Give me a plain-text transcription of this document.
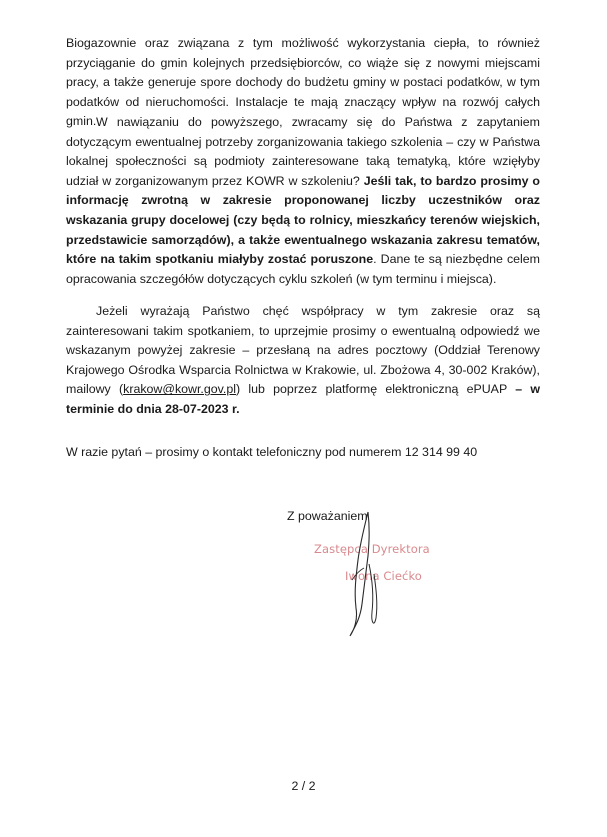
Biogazownie oraz związana z tym możliwość wykorzystania ciepła, to również przyciąganie do gmin kolejnych przedsiębiorców, co wiąże się z nowymi miejscami pracy, a także generuje spore dochody do budżetu gminy w postaci podatków, w tym podatków od nieruchomości. Instalacje te mają znaczący wpływ na rozwój całych gmin. W nawiązaniu do powyższego, zwracamy się do Państwa z zapytaniem dotyczącym ewentualnej potrzeby zorganizowania takiego szkolenia – czy w Państwa lokalnej społeczności są podmioty zainteresowane taką tematyką, które wzięłyby udział w zorganizowanym przez KOWR w szkoleniu? Jeśli tak, to bardzo prosimy o informację zwrotną w zakresie proponowanej liczby uczestników oraz wskazania grupy docelowej (czy będą to rolnicy, mieszkańcy terenów wiejskich, przedstawicie samorządów), a także ewentualnego wskazania zakresu tematów, które na takim spotkaniu miałyby zostać poruszone. Dane te są niezbędne celem opracowania szczegółów dotyczących cyklu szkoleń (w tym terminu i miejsca).

Jeżeli wyrażają Państwo chęć współpracy w tym zakresie oraz są zainteresowani takim spotkaniem, to uprzejmie prosimy o ewentualną odpowiedź we wskazanym powyżej zakresie – przesłaną na adres pocztowy (Oddział Terenowy Krajowego Ośrodka Wsparcia Rolnictwa w Krakowie, ul. Zbożowa 4, 30-002 Kraków), mailowy (krakow@kowr.gov.pl) lub poprzez platformę elektroniczną ePUAP – w terminie do dnia 28-07-2023 r.

W razie pytań – prosimy o kontakt telefoniczny pod numerem 12 314 99 40

Z poważaniem

Zastępca Dyrektora
Iwona Ciećko

2 / 2
